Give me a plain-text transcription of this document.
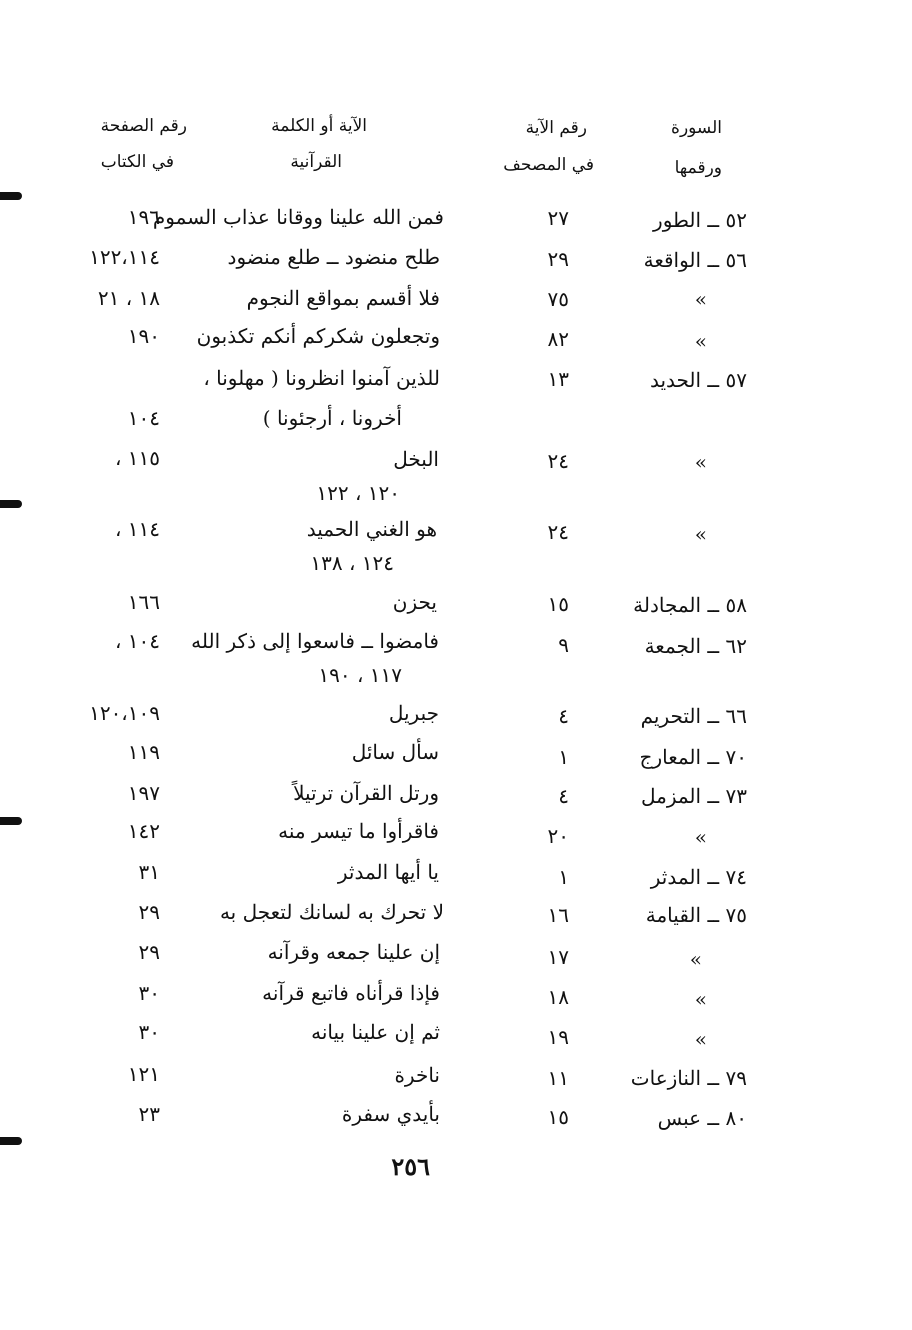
السورة
ورقمها
رقم الآية
في المصحف
الآية أو الكلمة
القرآنية
رقم الصفحة
في الكتاب
٥٢ ــ الطور
٢٧
فمن الله علينا ووقانا عذاب السموم
١٩٦
٥٦ ــ الواقعة
٢٩
طلح منضود ــ طلع منضود
١٢٢،١١٤
»
٧٥
فلا أقسم بمواقع النجوم
١٨ ، ٢١
»
٨٢
وتجعلون شكركم أنكم تكذبون
١٩٠
٥٧ ــ الحديد
١٣
للذين آمنوا انظرونا ( مهلونا ،
أخرونا ، أرجئونا )
١٠٤
»
٢٤
البخل
١٢٠ ، ١٢٢
١١٥ ،
»
٢٤
هو الغني الحميد
١٢٤ ، ١٣٨
١١٤ ،
٥٨ ــ المجادلة
١٥
يحزن
١٦٦
٦٢ ــ الجمعة
٩
فامضوا ــ فاسعوا إلى ذكر الله
١١٧ ، ١٩٠
١٠٤ ،
٦٦ ــ التحريم
٤
جبريل
١٢٠،١٠٩
٧٠ ــ المعارج
١
سأل سائل
١١٩
٧٣ ــ المزمل
٤
ورتل القرآن ترتيلاً
١٩٧
»
٢٠
فاقرأوا ما تيسر منه
١٤٢
٧٤ ــ المدثر
١
يا أيها المدثر
٣١
٧٥ ــ القيامة
١٦
لا تحرك به لسانك لتعجل به
٢٩
»
١٧
إن علينا جمعه وقرآنه
٢٩
»
١٨
فإذا قرأناه فاتبع قرآنه
٣٠
»
١٩
ثم إن علينا بيانه
٣٠
٧٩ ــ النازعات
١١
ناخرة
١٢١
٨٠ ــ عبس
١٥
بأيدي سفرة
٢٣
٢٥٦
